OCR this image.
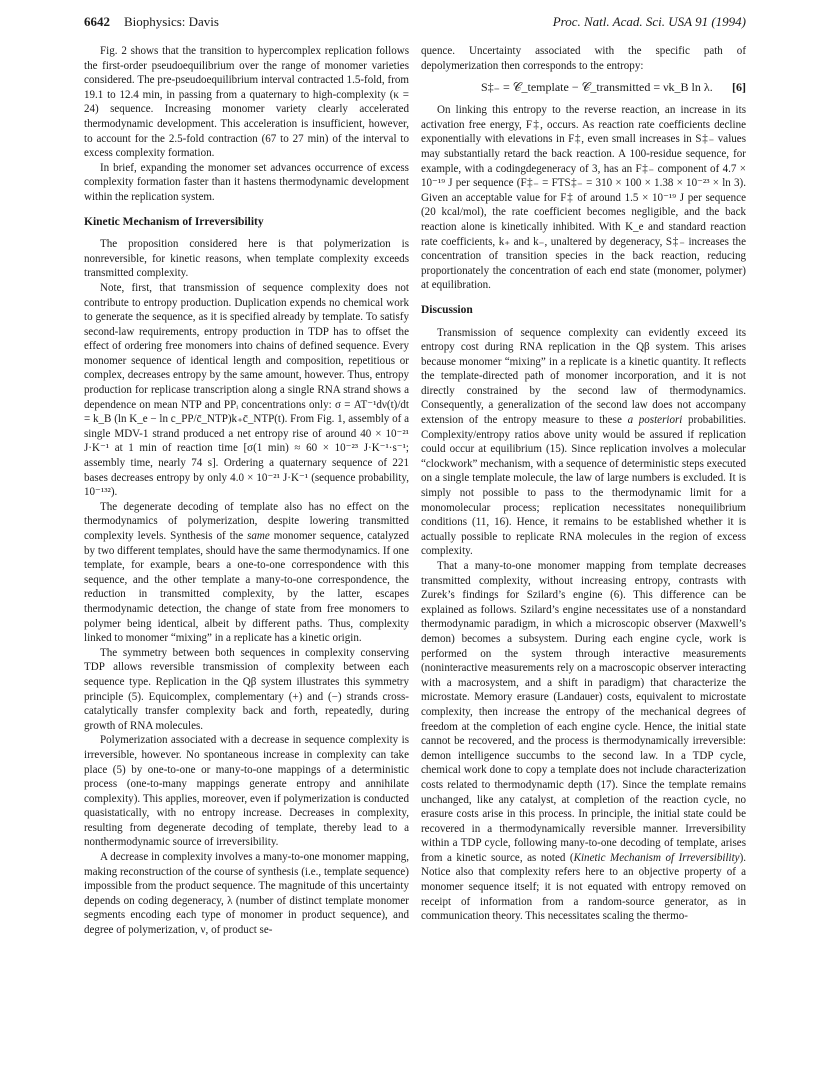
6642 Biophysics: Davis	Proc. Natl. Acad. Sci. USA 91 (1994)

Fig. 2 shows that the transition to hypercomplex replication follows the first-order pseudoequilibrium over the range of monomer varieties considered. The pre-pseudoequilibrium interval contracted 1.5-fold, from 19.1 to 12.4 min, in passing from a quaternary to high-complexity (κ = 24) sequence. Increasing monomer variety clearly accelerated thermodynamic development. This acceleration is insufficient, however, to account for the 2.5-fold contraction (67 to 27 min) of the interval to excess complexity formation.

In brief, expanding the monomer set advances occurrence of excess complexity formation faster than it hastens thermodynamic development within the replication system.

Kinetic Mechanism of Irreversibility

The proposition considered here is that polymerization is nonreversible, for kinetic reasons, when template complexity exceeds transmitted complexity.

Note, first, that transmission of sequence complexity does not contribute to entropy production. Duplication expends no chemical work to generate the sequence, as it is specified already by template. To satisfy second-law requirements, entropy production in TDP has to offset the effect of ordering free monomers into chains of defined sequence. Every monomer sequence of identical length and composition, repetitious or complex, decreases entropy by the same amount, however. Thus, entropy production for replicase transcription along a single RNA strand shows a dependence on mean NTP and PPᵢ concentrations only: σ = AT⁻¹dν(t)/dt = k_B (ln K_e − ln c_PP/c̄_NTP)k₊c̄_NTP(t). From Fig. 1, assembly of a single MDV-1 strand produced a net entropy rise of around 40 × 10⁻²¹ J·K⁻¹ at 1 min of reaction time [σ(1 min) ≈ 60 × 10⁻²³ J·K⁻¹·s⁻¹; assembly time, nearly 74 s]. Ordering a quaternary sequence of 221 bases decreases entropy by only 4.0 × 10⁻²¹ J·K⁻¹ (sequence probability, 10⁻¹³²).

The degenerate decoding of template also has no effect on the thermodynamics of polymerization, despite lowering transmitted complexity levels. Synthesis of the same monomer sequence, catalyzed by two different templates, should have the same thermodynamics. If one template, for example, bears a one-to-one correspondence with this sequence, and the other template a many-to-one correspondence, the reduction in transmitted complexity, by the latter, escapes thermodynamic detection, the change of state from free monomers to polymer being identical, albeit by different paths. Thus, complexity linked to monomer “mixing” in a replicate has a kinetic origin.

The symmetry between both sequences in complexity conserving TDP allows reversible transmission of complexity between each sequence type. Replication in the Qβ system illustrates this symmetry principle (5). Equicomplex, complementary (+) and (−) strands cross-catalytically transfer complexity back and forth, repeatedly, during growth of RNA molecules.

Polymerization associated with a decrease in sequence complexity is irreversible, however. No spontaneous increase in complexity can take place (5) by one-to-one or many-to-one mappings of a deterministic process (one-to-many mappings generate entropy and annihilate complexity). This applies, moreover, even if polymerization is conducted quasistatically, with no entropy increase. Decreases in complexity, resulting from degenerate decoding of template, thereby lead to a nonthermodynamic source of irreversibility.

A decrease in complexity involves a many-to-one monomer mapping, making reconstruction of the course of synthesis (i.e., template sequence) impossible from the product sequence. The magnitude of this uncertainty depends on coding degeneracy, λ (number of distinct template monomer segments encoding each type of monomer in product sequence), and degree of polymerization, ν, of product se-

quence. Uncertainty associated with the specific path of depolymerization then corresponds to the entropy:

S‡₋ = 𝒞_template − 𝒞_transmitted = νk_B ln λ. [6]

On linking this entropy to the reverse reaction, an increase in its activation free energy, F‡, occurs. As reaction rate coefficients decline exponentially with elevations in F‡, even small increases in S‡₋ values may substantially retard the back reaction. A 100-residue sequence, for example, with a codingdegeneracy of 3, has an F‡₋ component of 4.7 × 10⁻¹⁹ J per sequence (F‡₋ = FTS‡₋ = 310 × 100 × 1.38 × 10⁻²³ × ln 3). Given an acceptable value for F‡ of around 1.5 × 10⁻¹⁹ J per sequence (20 kcal/mol), the rate coefficient becomes negligible, and the back reaction alone is kinetically inhibited. With K_e and standard reaction rate coefficients, k₊ and k₋, unaltered by degeneracy, S‡₋ increases the concentration of transition species in the back reaction, reducing proportionately the concentration of each end state (monomer, polymer) at equilibration.

Discussion

Transmission of sequence complexity can evidently exceed its entropy cost during RNA replication in the Qβ system. This arises because monomer “mixing” in a replicate is a kinetic quantity. It reflects the template-directed path of monomer incorporation, and it is not directly constrained by the second law of thermodynamics. Consequently, a generalization of the second law does not accompany extension of the entropy measure to these a posteriori probabilities. Complexity/entropy ratios above unity would be assured if replication could occur at equilibrium (15). Since replication involves a molecular “clockwork” mechanism, with a sequence of deterministic steps executed on a single template molecule, the law of large numbers is excluded. It is simply not possible to pass to the thermodynamic limit for a monomolecular process; replication necessitates nonequilibrium conditions (11, 16). Hence, it remains to be established whether it is actually possible to replicate RNA molecules in the region of excess complexity.

That a many-to-one monomer mapping from template decreases transmitted complexity, without increasing entropy, contrasts with Zurek’s findings for Szilard’s engine (6). This difference can be explained as follows. Szilard’s engine necessitates use of a nonstandard thermodynamic paradigm, in which a microscopic observer (Maxwell’s demon) becomes a subsystem. During each engine cycle, work is performed on the system through interactive measurements (noninteractive measurements rely on a macroscopic observer interacting with a macrosystem, and a shift in paradigm) that characterize the microstate. Memory erasure (Landauer) costs, equivalent to microstate complexity, then increase the entropy of the mechanical degrees of freedom at the completion of each engine cycle. Hence, the initial state cannot be recovered, and the process is thermodynamically irreversible: demon intelligence succumbs to the second law. In a TDP cycle, chemical work done to copy a template does not include characterization costs related to thermodynamic depth (17). Since the template remains unchanged, like any catalyst, at completion of the reaction cycle, no erasure costs arise in this process. In principle, the initial state could be recovered in a thermodynamically reversible manner. Irreversibility within a TDP cycle, following many-to-one decoding of template, arises from a kinetic source, as noted (Kinetic Mechanism of Irreversibility). Notice also that complexity refers here to an objective property of a monomer sequence itself; it is not equated with entropy removed on receipt of information from a random-source generator, as in communication theory. This necessitates scaling the thermo-
